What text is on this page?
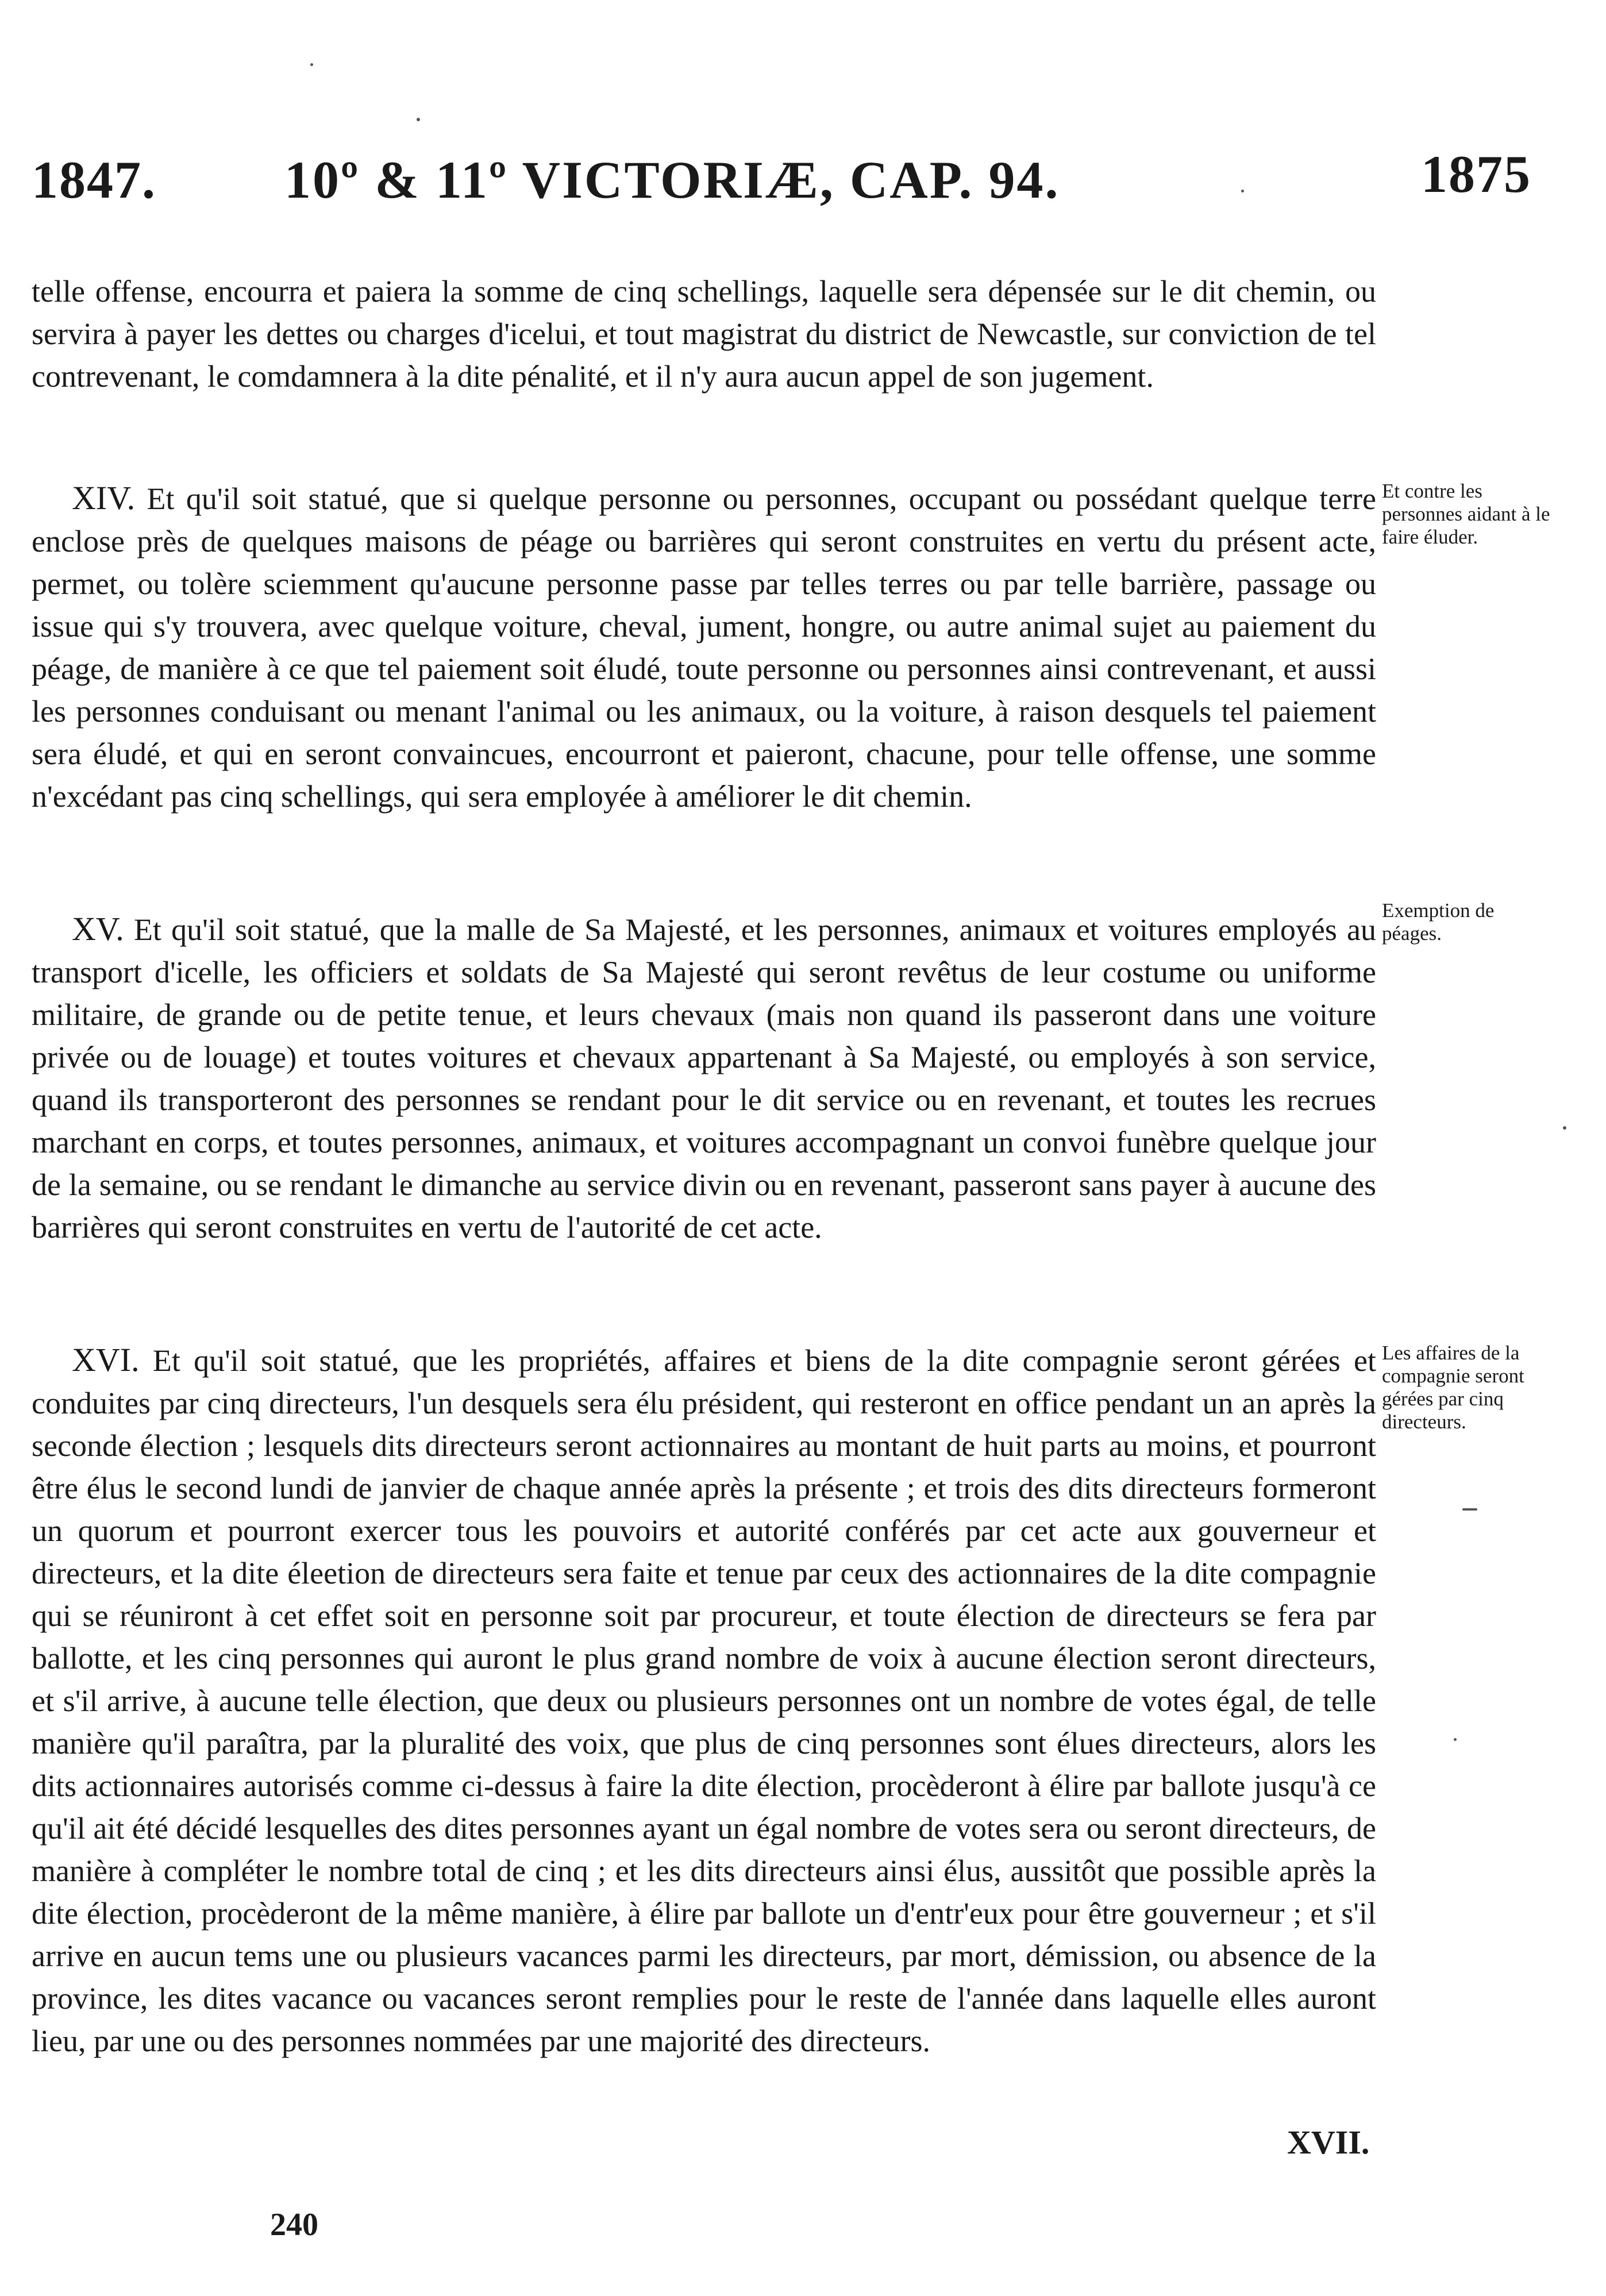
1847. 10º & 11º VICTORIÆ, CAP. 94.	1875

telle offense, encourra et paiera la somme de cinq schellings, laquelle sera dépensée sur le dit chemin, ou servira à payer les dettes ou charges d'icelui, et tout magistrat du district de Newcastle, sur conviction de tel contrevenant, le comdamnera à la dite pénalité, et il n'y aura aucun appel de son jugement.

XIV. Et qu'il soit statué, que si quelque personne ou personnes, occupant ou possédant quelque terre enclose près de quelques maisons de péage ou barrières qui seront construites en vertu du présent acte, permet, ou tolère sciemment qu'aucune personne passe par telles terres ou par telle barrière, passage ou issue qui s'y trouvera, avec quelque voiture, cheval, jument, hongre, ou autre animal sujet au paiement du péage, de manière à ce que tel paiement soit éludé, toute personne ou personnes ainsi contrevenant, et aussi les personnes conduisant ou menant l'animal ou les animaux, ou la voiture, à raison desquels tel paiement sera éludé, et qui en seront convaincues, encourront et paieront, chacune, pour telle offense, une somme n'excédant pas cinq schellings, qui sera employée à améliorer le dit chemin.

Et contre les personnes aidant à le faire éluder.

XV. Et qu'il soit statué, que la malle de Sa Majesté, et les personnes, animaux et voitures employés au transport d'icelle, les officiers et soldats de Sa Majesté qui seront revêtus de leur costume ou uniforme militaire, de grande ou de petite tenue, et leurs chevaux (mais non quand ils passeront dans une voiture privée ou de louage) et toutes voitures et chevaux appartenant à Sa Majesté, ou employés à son service, quand ils transporteront des personnes se rendant pour le dit service ou en revenant, et toutes les recrues marchant en corps, et toutes personnes, animaux, et voitures accompagnant un convoi funèbre quelque jour de la semaine, ou se rendant le dimanche au service divin ou en revenant, passeront sans payer à aucune des barrières qui seront construites en vertu de l'autorité de cet acte.

Exemption de péages.

XVI. Et qu'il soit statué, que les propriétés, affaires et biens de la dite compagnie seront gérées et conduites par cinq directeurs, l'un desquels sera élu président, qui resteront en office pendant un an après la seconde élection ; lesquels dits directeurs seront actionnaires au montant de huit parts au moins, et pourront être élus le second lundi de janvier de chaque année après la présente ; et trois des dits directeurs formeront un quorum et pourront exercer tous les pouvoirs et autorité conférés par cet acte aux gouverneur et directeurs, et la dite éleetion de directeurs sera faite et tenue par ceux des actionnaires de la dite compagnie qui se réuniront à cet effet soit en personne soit par procureur, et toute élection de directeurs se fera par ballotte, et les cinq personnes qui auront le plus grand nombre de voix à aucune élection seront directeurs, et s'il arrive, à aucune telle élection, que deux ou plusieurs personnes ont un nombre de votes égal, de telle manière qu'il paraîtra, par la pluralité des voix, que plus de cinq personnes sont élues directeurs, alors les dits actionnaires autorisés comme ci-dessus à faire la dite élection, procèderont à élire par ballote jusqu'à ce qu'il ait été décidé lesquelles des dites personnes ayant un égal nombre de votes sera ou seront directeurs, de manière à compléter le nombre total de cinq ; et les dits directeurs ainsi élus, aussitôt que possible après la dite élection, procèderont de la même manière, à élire par ballote un d'entr'eux pour être gouverneur ; et s'il arrive en aucun tems une ou plusieurs vacances parmi les directeurs, par mort, démission, ou absence de la province, les dites vacance ou vacances seront remplies pour le reste de l'année dans laquelle elles auront lieu, par une ou des personnes nommées par une majorité des directeurs.

Les affaires de la compagnie seront gérées par cinq directeurs.

XVII.
240
